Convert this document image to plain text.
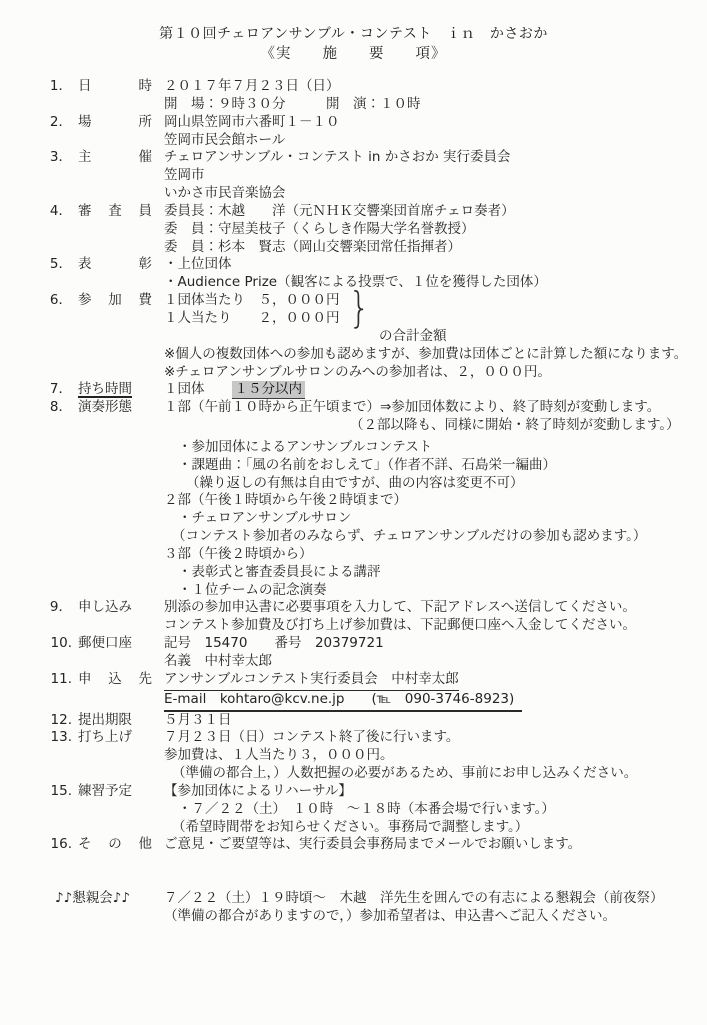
第１０回チェロアンサンブル・コンテスト　ｉｎ　かさおか
《実　　施　　要　　項》
1． 日時 ２０１７年７月２３日（日）
開　場：９時３０分　　　開　演：１０時
2． 場所 岡山県笠岡市六番町１－１０
笠岡市民会館ホール
3． 主催 チェロアンサンブル・コンテスト in かさおか 実行委員会
笠岡市
いかさ市民音楽協会
4． 審査員 委員長：木越　　洋（元ＮＨＫ交響楽団首席チェロ奏者）
委　員：守屋美枝子（くらしき作陽大学名誉教授）
委　員：杉本　賢志（岡山交響楽団常任指揮者）
5． 表彰 ・上位団体
・Audience Prize（観客による投票で、１位を獲得した団体）
6． 参加費 １団体当たり　５，０００円 }
１人当たり　　２，０００円
の合計金額
※個人の複数団体への参加も認めますが、参加費は団体ごとに計算した額になります。
※チェロアンサンブルサロンのみへの参加者は、２，０００円。
7． 持ち時間	１団体　　１５分以内
8． 演奏形態	１部（午前１０時から正午頃まで）⇒参加団体数により、終了時刻が変動します。
（２部以降も、同様に開始・終了時刻が変動します。）
・参加団体によるアンサンブルコンテスト
・課題曲：「風の名前をおしえて」（作者不詳、石島栄一編曲）
（繰り返しの有無は自由ですが、曲の内容は変更不可）
２部（午後１時頃から午後２時頃まで）
・チェロアンサンブルサロン
（コンテスト参加者のみならず、チェロアンサンブルだけの参加も認めます。）
３部（午後２時頃から）
・表彰式と審査委員長による講評
・１位チームの記念演奏
9． 申し込み	別添の参加申込書に必要事項を入力して、下記アドレスへ送信してください。
コンテスト参加費及び打ち上げ参加費は、下記郵便口座へ入金してください。
10. 郵便口座	記号　15470　　番号　20379721
名義　中村幸太郎
11. 申込先 アンサンブルコンテスト実行委員会　中村幸太郎
E-mail　kohtaro@kcv.ne.jp　　(℡　090-3746-8923)
12. 提出期限	５月３１日
13. 打ち上げ	７月２３日（日）コンテスト終了後に行います。
参加費は、１人当たり３，０００円。
（準備の都合上，）人数把握の必要があるため、事前にお申し込みください。
15. 練習予定	【参加団体によるリハーサル】
・７／２２（土）　１０時　～１８時（本番会場で行います。）
（希望時間帯をお知らせください。事務局で調整します。）
16. その他 ご意見・ご要望等は、実行委員会事務局までメールでお願いします。
♪♪懇親会♪♪	７／２２（土）１９時頃～　木越　洋先生を囲んでの有志による懇親会（前夜祭）
（準備の都合がありますので，）参加希望者は、申込書へご記入ください。
